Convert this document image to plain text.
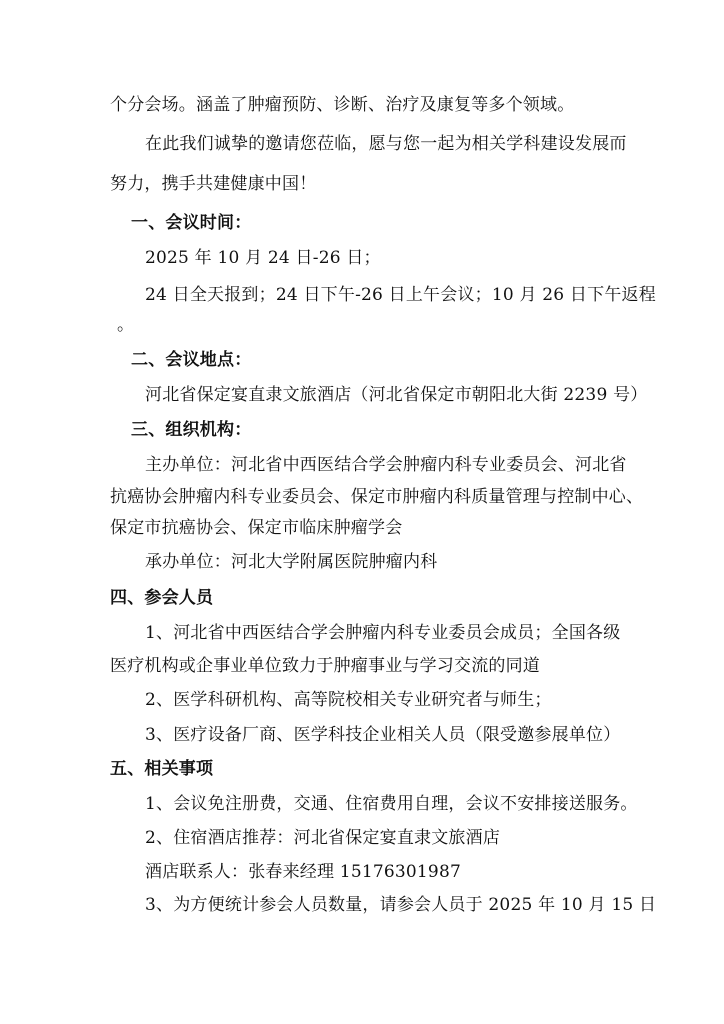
个分会场。涵盖了肿瘤预防、诊断、治疗及康复等多个领域。
在此我们诚挚的邀请您莅临，愿与您一起为相关学科建设发展而
努力，携手共建健康中国！
一、会议时间：
2025 年 10 月 24 日-26 日；
24 日全天报到；24 日下午-26 日上午会议；10 月 26 日下午返程
。
二、会议地点：
河北省保定宴直隶文旅酒店（河北省保定市朝阳北大街 2239 号）
三、组织机构：
主办单位：河北省中西医结合学会肿瘤内科专业委员会、河北省
抗癌协会肿瘤内科专业委员会、保定市肿瘤内科质量管理与控制中心、
保定市抗癌协会、保定市临床肿瘤学会
承办单位：河北大学附属医院肿瘤内科
四、参会人员
1、河北省中西医结合学会肿瘤内科专业委员会成员；全国各级
医疗机构或企事业单位致力于肿瘤事业与学习交流的同道
2、医学科研机构、高等院校相关专业研究者与师生；
3、医疗设备厂商、医学科技企业相关人员（限受邀参展单位）
五、相关事项
1、会议免注册费，交通、住宿费用自理，会议不安排接送服务。
2、住宿酒店推荐：河北省保定宴直隶文旅酒店
酒店联系人：张春来经理 15176301987
3、为方便统计参会人员数量，请参会人员于 2025 年 10 月 15 日
